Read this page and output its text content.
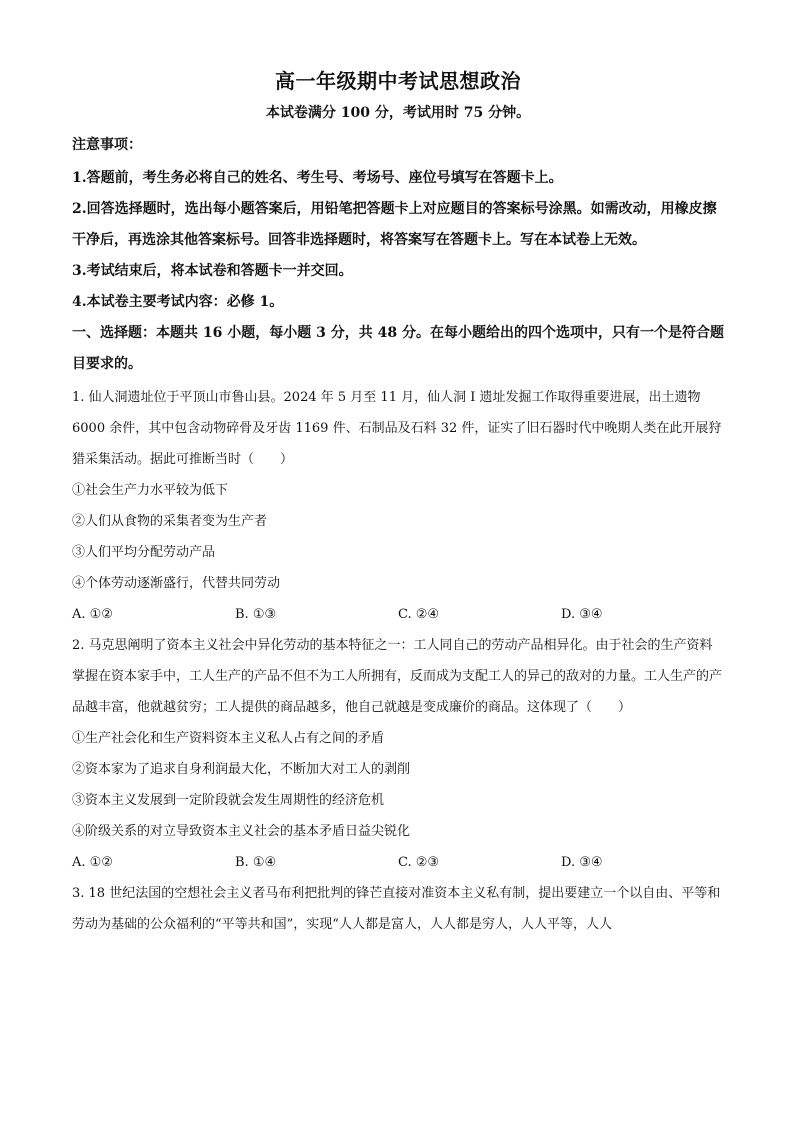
高一年级期中考试思想政治
本试卷满分 100 分，考试用时 75 分钟。
注意事项：

1.答题前，考生务必将自己的姓名、考生号、考场号、座位号填写在答题卡上。

2.回答选择题时，选出每小题答案后，用铅笔把答题卡上对应题目的答案标号涂黑。如需改动，用橡皮擦干净后，再选涂其他答案标号。回答非选择题时，将答案写在答题卡上。写在本试卷上无效。

3.考试结束后，将本试卷和答题卡一并交回。

4.本试卷主要考试内容：必修 1。

一、选择题：本题共 16 小题，每小题 3 分，共 48 分。在每小题给出的四个选项中，只有一个是符合题目要求的。

1. 仙人洞遗址位于平顶山市鲁山县。2024 年 5 月至 11 月，仙人洞 I 遗址发掘工作取得重要进展，出土遗物 6000 余件，其中包含动物碎骨及牙齿 1169 件、石制品及石料 32 件，证实了旧石器时代中晚期人类在此开展狩猎采集活动。据此可推断当时（　　）

①社会生产力水平较为低下

②人们从食物的采集者变为生产者

③人们平均分配劳动产品

④个体劳动逐渐盛行，代替共同劳动

A. ①②	B. ①③	C. ②④	D. ③④

2. 马克思阐明了资本主义社会中异化劳动的基本特征之一：工人同自己的劳动产品相异化。由于社会的生产资料掌握在资本家手中，工人生产的产品不但不为工人所拥有，反而成为支配工人的异己的敌对的力量。工人生产的产品越丰富，他就越贫穷；工人提供的商品越多，他自己就越是变成廉价的商品。这体现了（　　）

①生产社会化和生产资料资本主义私人占有之间的矛盾

②资本家为了追求自身利润最大化，不断加大对工人的剥削

③资本主义发展到一定阶段就会发生周期性的经济危机

④阶级关系的对立导致资本主义社会的基本矛盾日益尖锐化

A. ①②	B. ①④	C. ②③	D. ③④

3. 18 世纪法国的空想社会主义者马布利把批判的锋芒直接对准资本主义私有制，提出要建立一个以自由、平等和劳动为基础的公众福利的“平等共和国”，实现“人人都是富人，人人都是穷人，人人平等，人人
